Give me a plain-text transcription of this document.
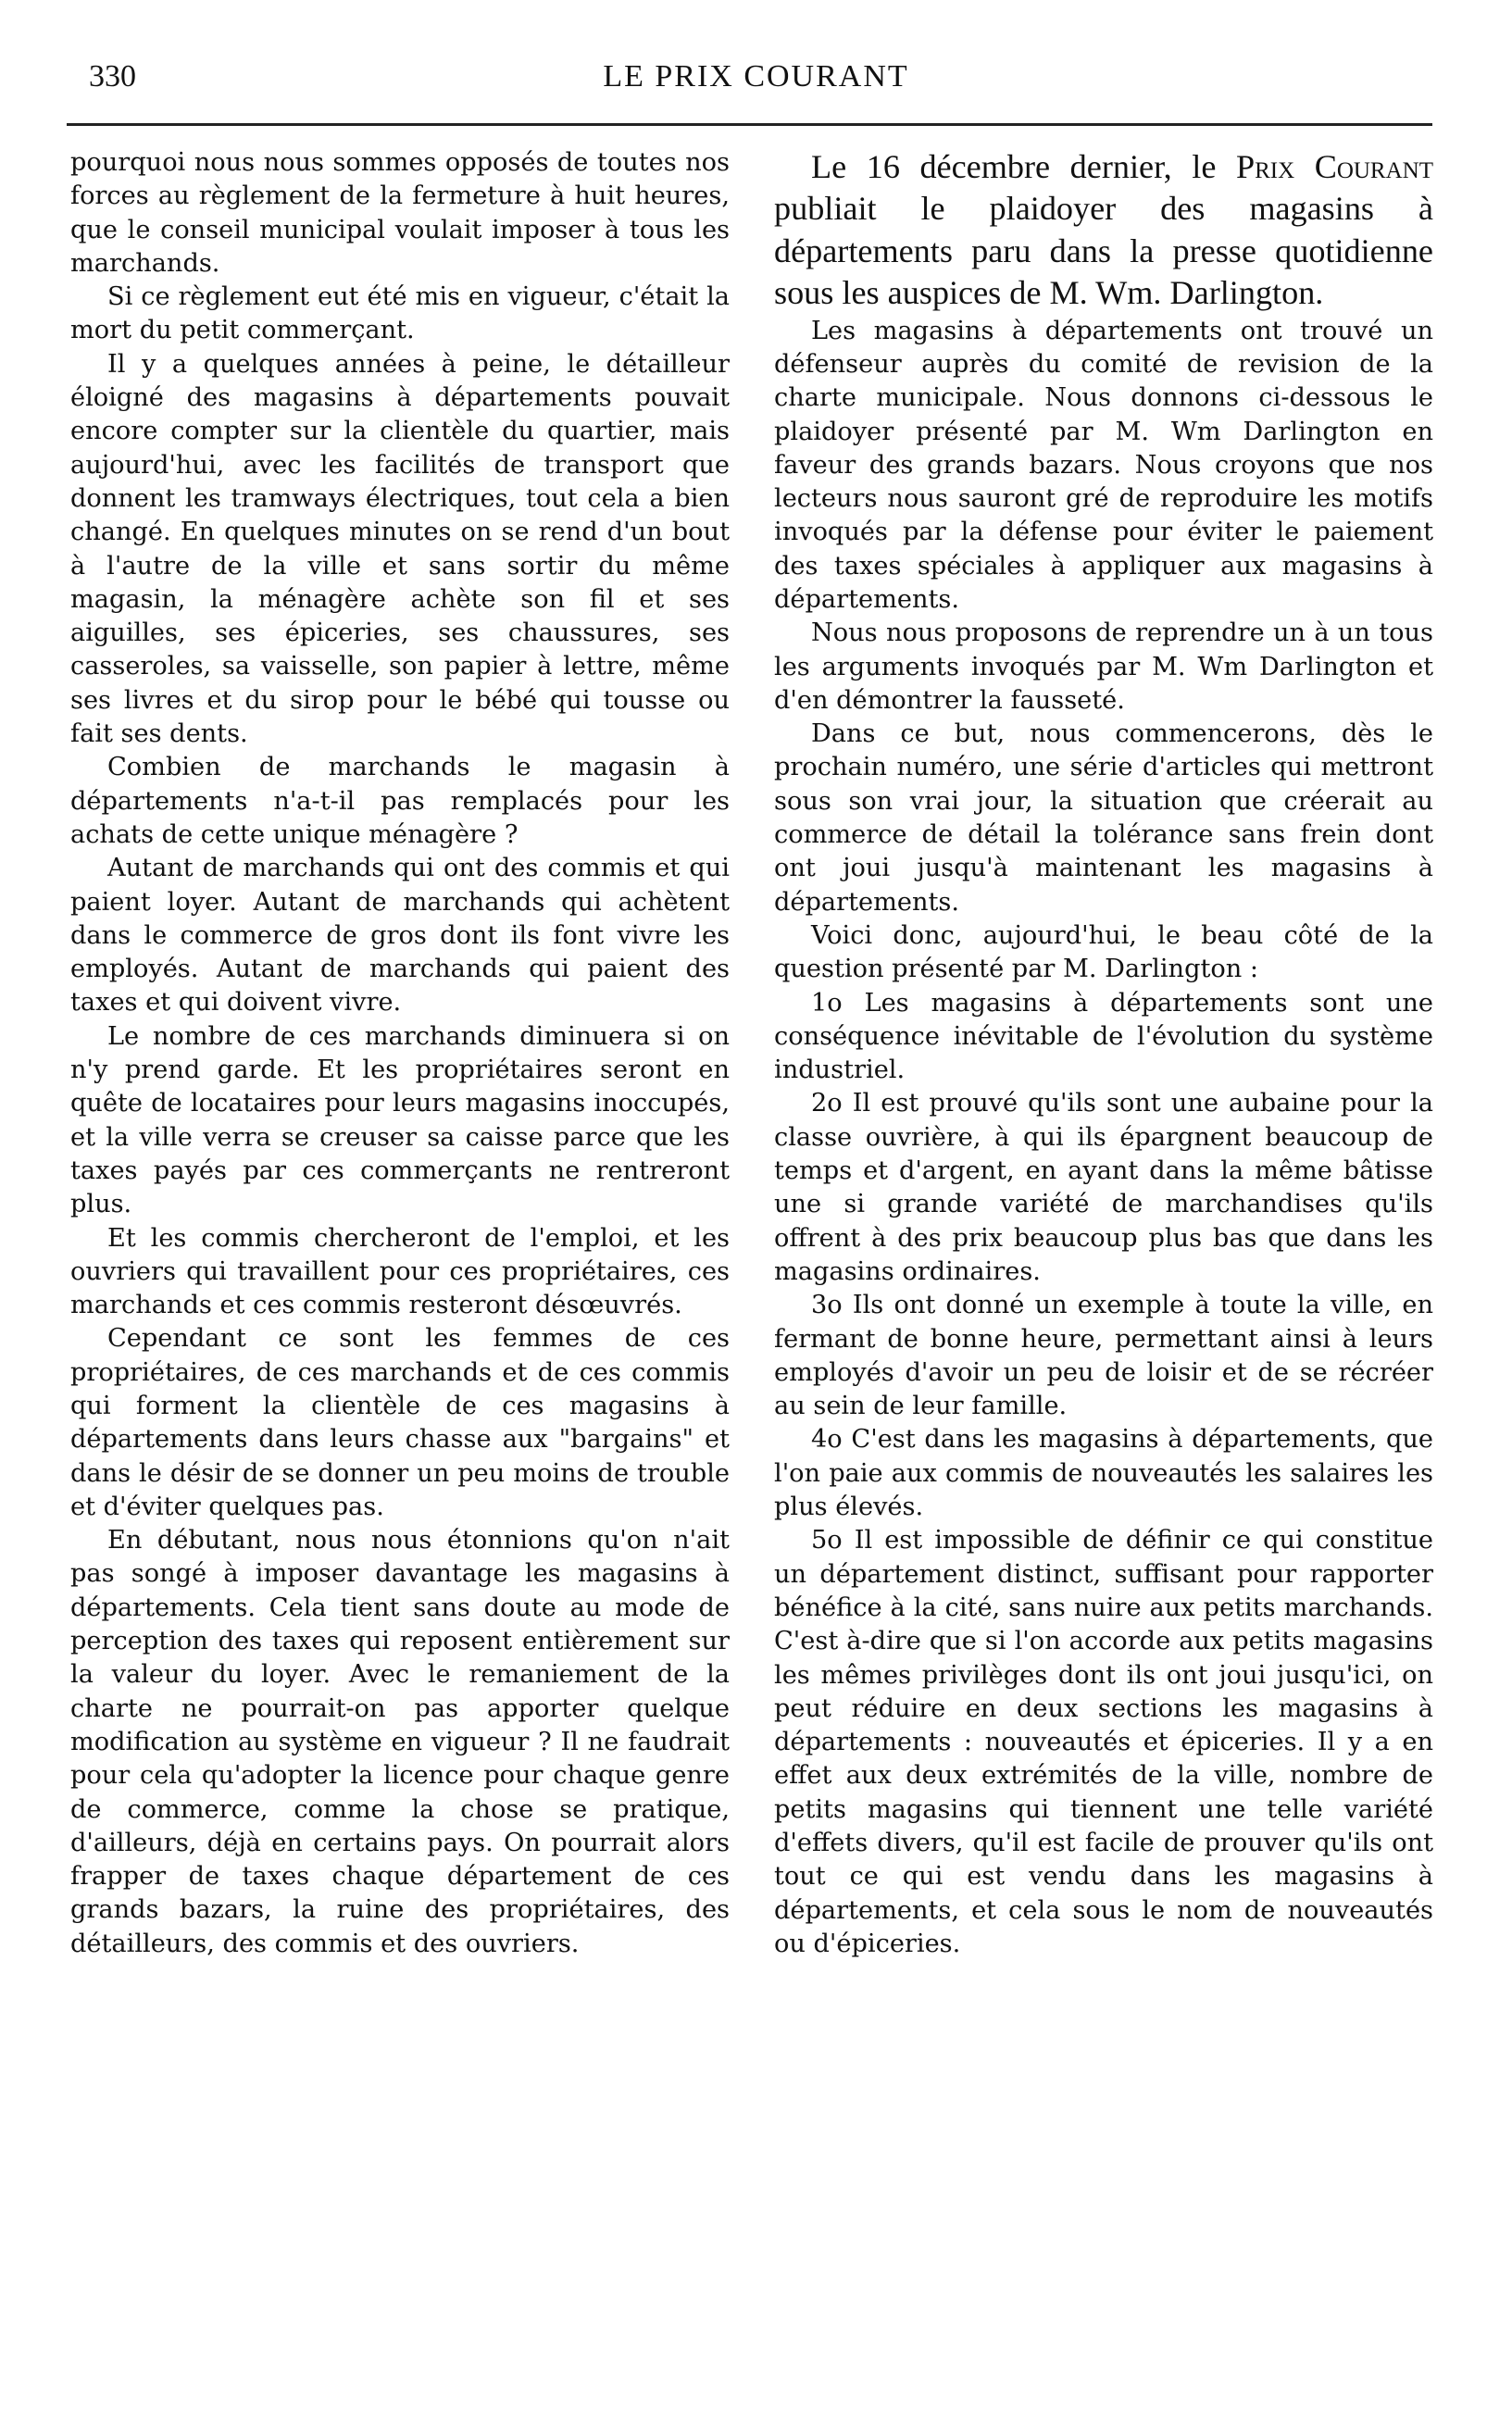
330	LE PRIX COURANT

pourquoi nous nous sommes opposés de toutes nos forces au règlement de la fermeture à huit heures, que le conseil municipal voulait imposer à tous les marchands.

Si ce règlement eut été mis en vigueur, c'était la mort du petit commerçant.

Il y a quelques années à peine, le détailleur éloigné des magasins à départements pouvait encore compter sur la clientèle du quartier, mais aujourd'hui, avec les facilités de transport que donnent les tramways électriques, tout cela a bien changé. En quelques minutes on se rend d'un bout à l'autre de la ville et sans sortir du même magasin, la ménagère achète son fil et ses aiguilles, ses épiceries, ses chaussures, ses casseroles, sa vaisselle, son papier à lettre, même ses livres et du sirop pour le bébé qui tousse ou fait ses dents.

Combien de marchands le magasin à départements n'a-t-il pas remplacés pour les achats de cette unique ménagère ?

Autant de marchands qui ont des commis et qui paient loyer. Autant de marchands qui achètent dans le commerce de gros dont ils font vivre les employés. Autant de marchands qui paient des taxes et qui doivent vivre.

Le nombre de ces marchands diminuera si on n'y prend garde. Et les propriétaires seront en quête de locataires pour leurs magasins inoccupés, et la ville verra se creuser sa caisse parce que les taxes payés par ces commerçants ne rentreront plus.

Et les commis chercheront de l'emploi, et les ouvriers qui travaillent pour ces propriétaires, ces marchands et ces commis resteront désœuvrés.

Cependant ce sont les femmes de ces propriétaires, de ces marchands et de ces commis qui forment la clientèle de ces magasins à départements dans leurs chasse aux "bargains" et dans le désir de se donner un peu moins de trouble et d'éviter quelques pas.

En débutant, nous nous étonnions qu'on n'ait pas songé à imposer davantage les magasins à départements. Cela tient sans doute au mode de perception des taxes qui reposent entièrement sur la valeur du loyer. Avec le remaniement de la charte ne pourrait-on pas apporter quelque modification au système en vigueur ? Il ne faudrait pour cela qu'adopter la licence pour chaque genre de commerce, comme la chose se pratique, d'ailleurs, déjà en certains pays. On pourrait alors frapper de taxes chaque département de ces grands bazars, la ruine des propriétaires, des détailleurs, des commis et des ouvriers.

Le 16 décembre dernier, le Prix Courant publiait le plaidoyer des magasins à départements paru dans la presse quotidienne sous les auspices de M. Wm. Darlington.

Les magasins à départements ont trouvé un défenseur auprès du comité de revision de la charte municipale. Nous donnons ci-dessous le plaidoyer présenté par M. Wm Darlington en faveur des grands bazars. Nous croyons que nos lecteurs nous sauront gré de reproduire les motifs invoqués par la défense pour éviter le paiement des taxes spéciales à appliquer aux magasins à départements.

Nous nous proposons de reprendre un à un tous les arguments invoqués par M. Wm Darlington et d'en démontrer la fausseté.

Dans ce but, nous commencerons, dès le prochain numéro, une série d'articles qui mettront sous son vrai jour, la situation que créerait au commerce de détail la tolérance sans frein dont ont joui jusqu'à maintenant les magasins à départements.

Voici donc, aujourd'hui, le beau côté de la question présenté par M. Darlington :

1o Les magasins à départements sont une conséquence inévitable de l'évolution du système industriel.

2o Il est prouvé qu'ils sont une aubaine pour la classe ouvrière, à qui ils épargnent beaucoup de temps et d'argent, en ayant dans la même bâtisse une si grande variété de marchandises qu'ils offrent à des prix beaucoup plus bas que dans les magasins ordinaires.

3o Ils ont donné un exemple à toute la ville, en fermant de bonne heure, permettant ainsi à leurs employés d'avoir un peu de loisir et de se récréer au sein de leur famille.

4o C'est dans les magasins à départements, que l'on paie aux commis de nouveautés les salaires les plus élevés.

5o Il est impossible de définir ce qui constitue un département distinct, suffisant pour rapporter bénéfice à la cité, sans nuire aux petits marchands. C'est à-dire que si l'on accorde aux petits magasins les mêmes privilèges dont ils ont joui jusqu'ici, on peut réduire en deux sections les magasins à départements : nouveautés et épiceries. Il y a en effet aux deux extrémités de la ville, nombre de petits magasins qui tiennent une telle variété d'effets divers, qu'il est facile de prouver qu'ils ont tout ce qui est vendu dans les magasins à départements, et cela sous le nom de nouveautés ou d'épiceries.
